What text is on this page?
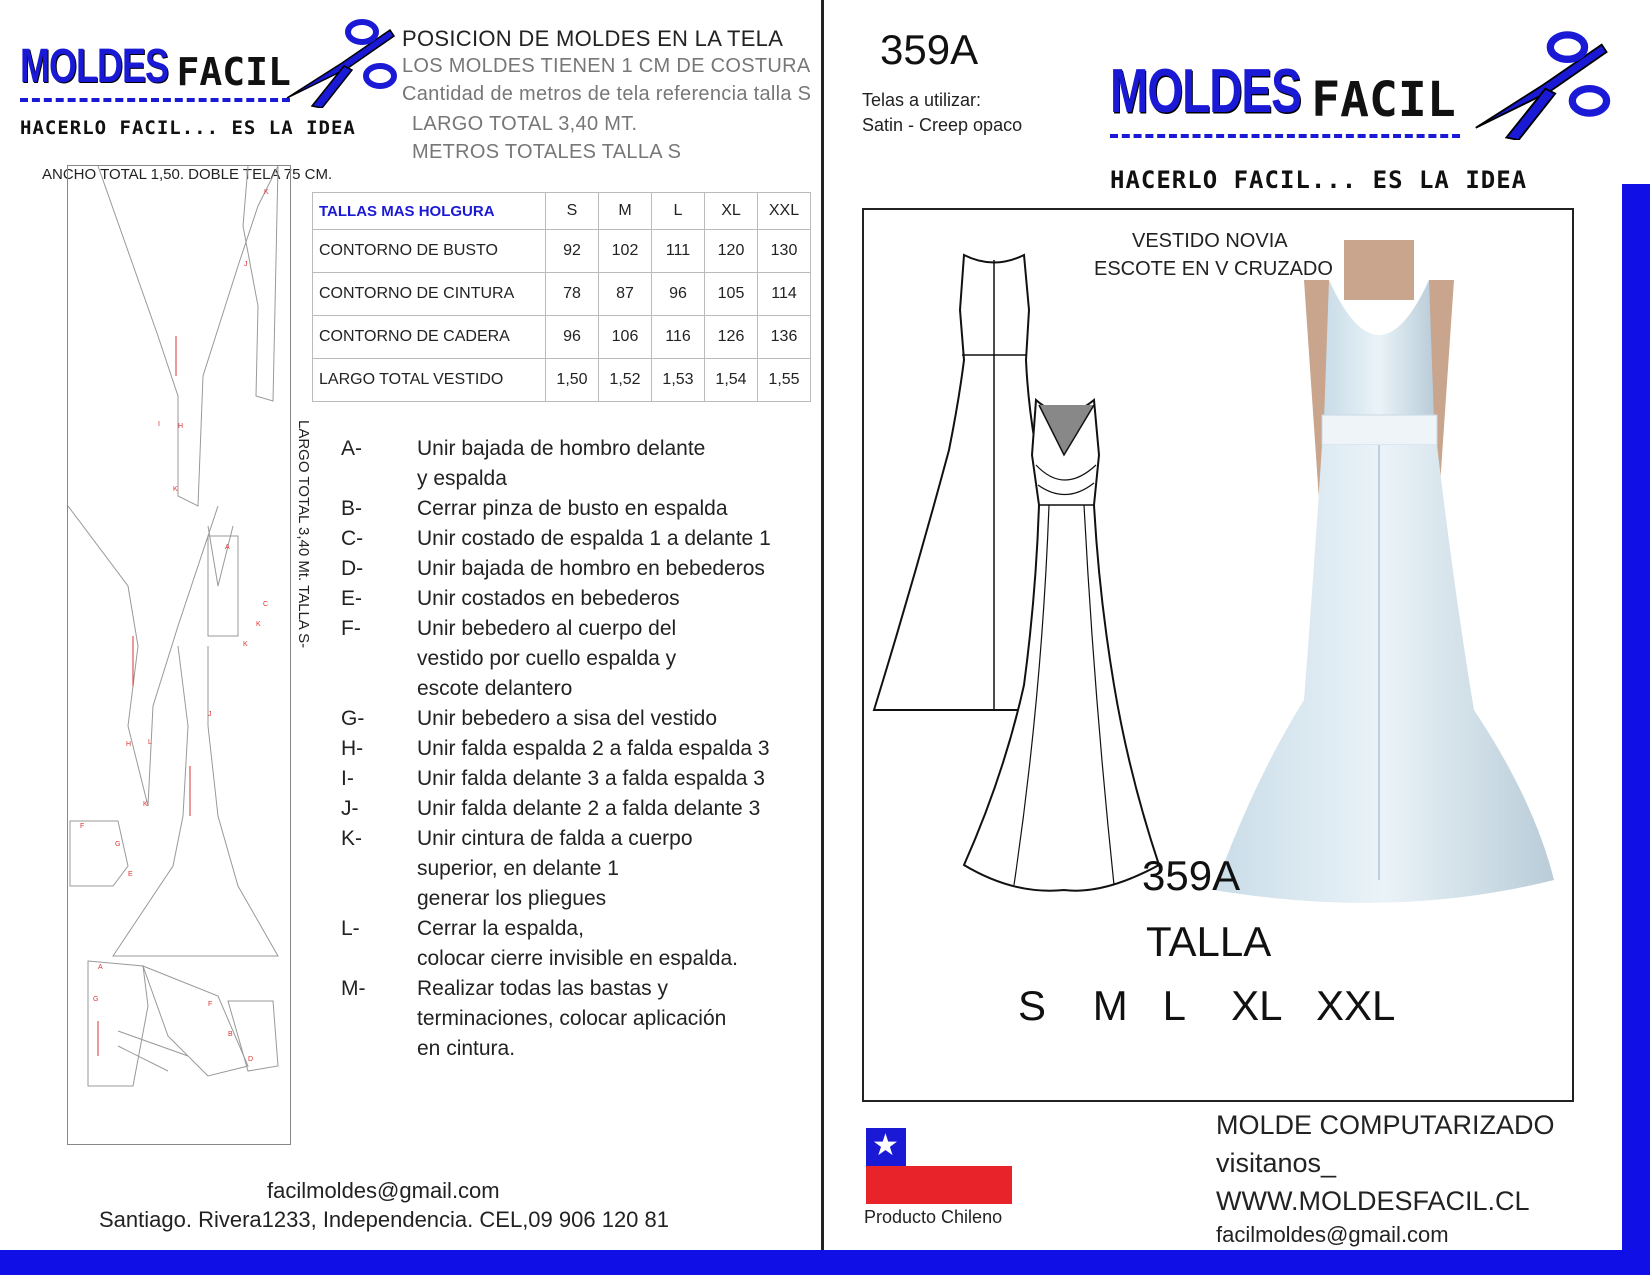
MOLDES FACIL
HACERLO FACIL... ES LA IDEA
POSICION DE MOLDES EN LA TELA
LOS MOLDES TIENEN 1 CM DE COSTURA
Cantidad de metros de tela referencia talla S
LARGO TOTAL 3,40 MT.
METROS TOTALES TALLA S
ANCHO TOTAL 1,50. DOBLE TELA 75 CM.
K
J
I	H
K
A
C
K
K
J
H L
K
F
G
E
A
G
F
B
D
LARGO TOTAL 3,40 Mt. TALLA S-
TALLAS MAS HOLGURA	S	M	L	XL	XXL
CONTORNO DE BUSTO	92	102	111	120	130
CONTORNO DE CINTURA	78	87	96	105	114
CONTORNO DE CADERA	96	106	116	126	136
LARGO TOTAL VESTIDO	1,50	1,52	1,53	1,54	1,55
A-	Unir bajada de hombro delante
y espalda
B-	Cerrar pinza de busto en espalda
C-	Unir costado de espalda 1 a delante 1
D-	Unir bajada de hombro en bebederos
E-	Unir costados en bebederos
F-	Unir bebedero al cuerpo del
vestido por cuello espalda y
escote delantero
G-	Unir bebedero a sisa del vestido
H-	Unir falda espalda 2 a falda espalda 3
I-	Unir falda delante 3 a falda espalda 3
J-	Unir falda delante 2 a falda delante 3
K-	Unir cintura de falda a cuerpo
superior, en delante 1
generar los pliegues
L-	Cerrar la espalda,
colocar cierre invisible en espalda.
M-	Realizar todas las bastas y
terminaciones, colocar aplicación
en cintura.
facilmoldes@gmail.com
Santiago. Rivera1233, Independencia. CEL,09 906 120 81
359A
Telas a utilizar:
Satin - Creep opaco MOLDES FACIL
HACERLO FACIL... ES LA IDEA
VESTIDO NOVIA
ESCOTE EN V CRUZADO
359A
TALLA
S    M   L    XL   XXL
★
Producto Chileno
MOLDE COMPUTARIZADO
visitanos_
WWW.MOLDESFACIL.CL
facilmoldes@gmail.com
